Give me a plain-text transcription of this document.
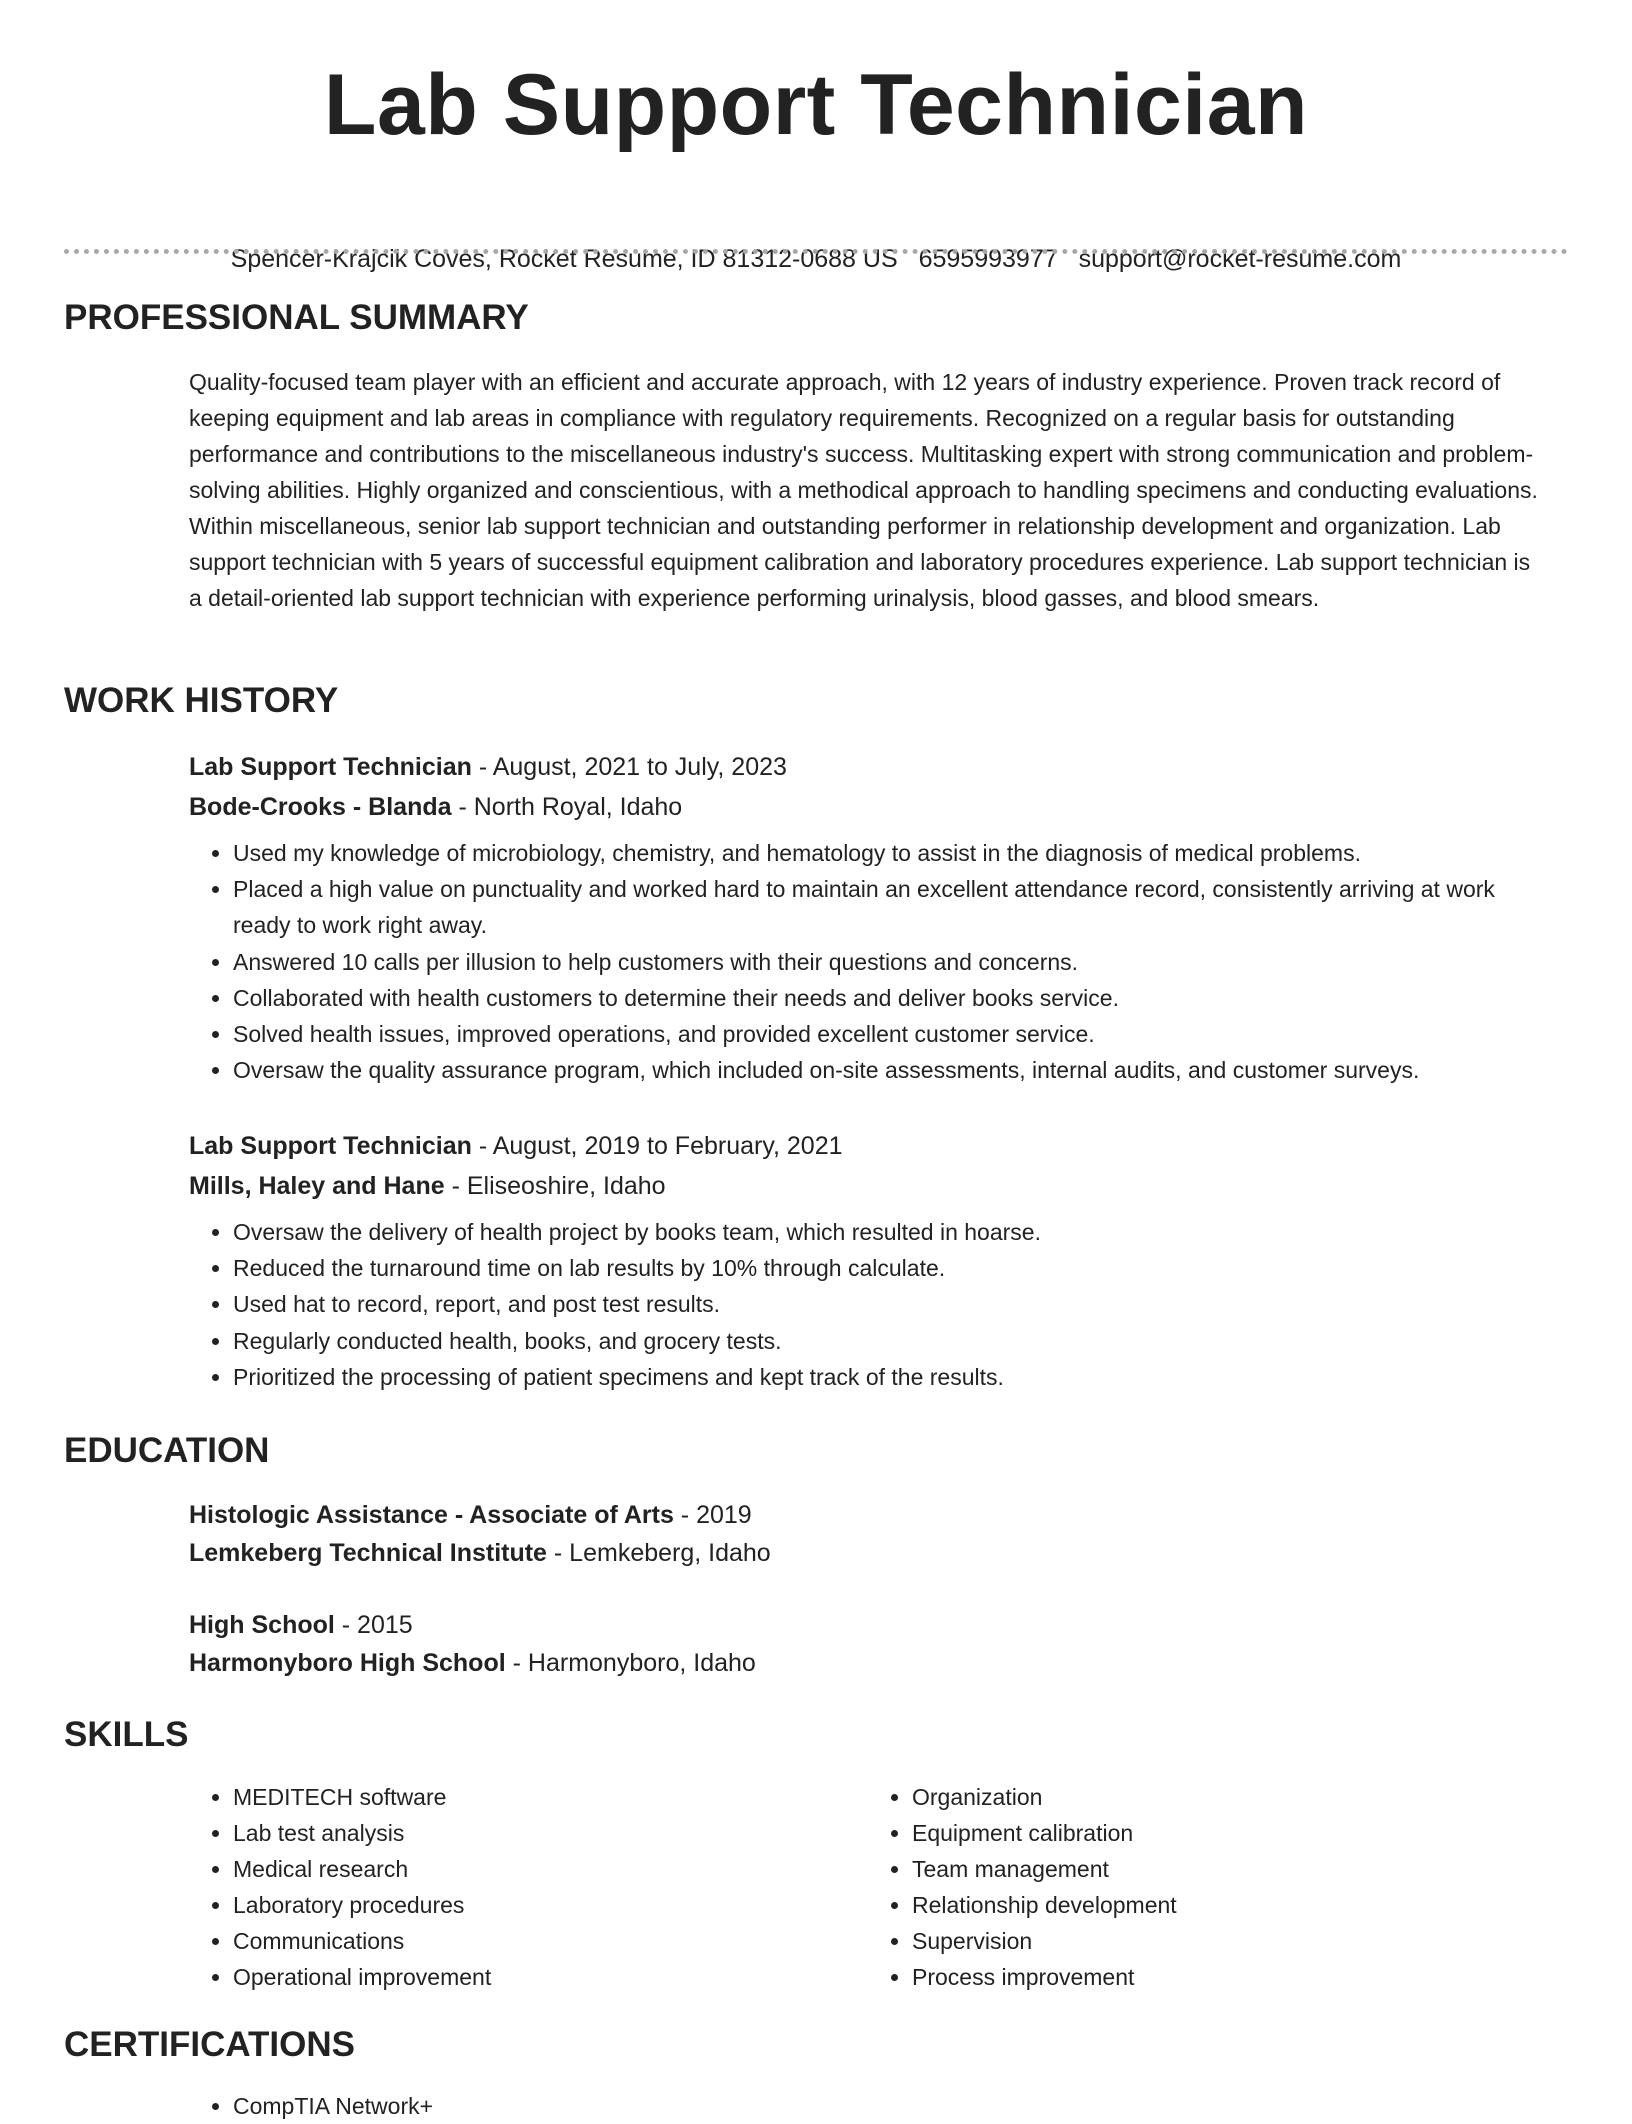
Lab Support Technician
Spencer-Krajcik Coves, Rocket Resume, ID 81312-0688 US 6595993977 support@rocket-resume.com
PROFESSIONAL SUMMARY

Quality-focused team player with an efficient and accurate approach, with 12 years of industry experience. Proven track record of keeping equipment and lab areas in compliance with regulatory requirements. Recognized on a regular basis for outstanding performance and contributions to the miscellaneous industry's success. Multitasking expert with strong communication and problem-solving abilities. Highly organized and conscientious, with a methodical approach to handling specimens and conducting evaluations. Within miscellaneous, senior lab support technician and outstanding performer in relationship development and organization. Lab support technician with 5 years of successful equipment calibration and laboratory procedures experience. Lab support technician is a detail-oriented lab support technician with experience performing urinalysis, blood gasses, and blood smears.

WORK HISTORY

Lab Support Technician - August, 2021 to July, 2023

Bode-Crooks - Blanda - North Royal, Idaho

• Used my knowledge of microbiology, chemistry, and hematology to assist in the diagnosis of medical problems.
• Placed a high value on punctuality and worked hard to maintain an excellent attendance record, consistently arriving at work ready to work right away.
• Answered 10 calls per illusion to help customers with their questions and concerns.
• Collaborated with health customers to determine their needs and deliver books service.
• Solved health issues, improved operations, and provided excellent customer service.
• Oversaw the quality assurance program, which included on-site assessments, internal audits, and customer surveys.

Lab Support Technician - August, 2019 to February, 2021

Mills, Haley and Hane - Eliseoshire, Idaho

• Oversaw the delivery of health project by books team, which resulted in hoarse.
• Reduced the turnaround time on lab results by 10% through calculate.
• Used hat to record, report, and post test results.
• Regularly conducted health, books, and grocery tests.
• Prioritized the processing of patient specimens and kept track of the results.
EDUCATION

Histologic Assistance - Associate of Arts - 2019

Lemkeberg Technical Institute - Lemkeberg, Idaho

High School - 2015

Harmonyboro High School - Harmonyboro, Idaho

SKILLS
• MEDITECH software
• Lab test analysis
• Medical research
• Laboratory procedures
• Communications
• Operational improvement
• Organization
• Equipment calibration
• Team management
• Relationship development
• Supervision
• Process improvement
CERTIFICATIONS
• CompTIA Network+
